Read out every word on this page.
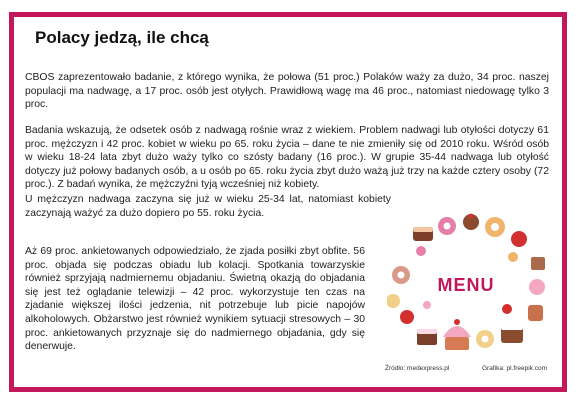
Polacy jedzą, ile chcą

CBOS zaprezentowało badanie, z którego wynika, że połowa (51 proc.) Polaków waży za dużo, 34 proc. naszej populacji ma nadwagę, a 17 proc. osób jest otyłych. Prawidłową wagę ma 46 proc., natomiast niedowagę tylko 3 proc.

Badania wskazują, że odsetek osób z nadwagą rośnie wraz z wiekiem. Problem nadwagi lub otyłości dotyczy 61 proc. mężczyzn i 42 proc. kobiet w wieku po 65. roku życia – dane te nie zmieniły się od 2010 roku. Wśród osób w wieku 18-24 lata zbyt dużo waży tylko co szósty badany (16 proc.). W grupie 35-44 nadwaga lub otyłość dotyczy już połowy badanych osób, a u osób po 65. roku życia zbyt dużo ważą już trzy na każde cztery osoby (72 proc.). Z badań wynika, że mężczyźni tyją wcześniej niż kobiety.

U mężczyzn nadwaga zaczyna się już w wieku 25-34 lat, natomiast kobiety zaczynają ważyć za dużo dopiero po 55. roku życia.

Aż 69 proc. ankietowanych odpowiedziało, że zjada posiłki zbyt obfite. 56 proc. objada się podczas obiadu lub kolacji. Spotkania towarzyskie również sprzyjają nadmiernemu objadaniu. Świetną okazją do objadania się jest też oglądanie telewizji – 42 proc. wykorzystuje ten czas na zjadanie większej ilości jedzenia, nit potrzebuje lub picie napojów alkoholowych. Obżarstwo jest również wynikiem sytuacji stresowych – 30 proc. ankietowanych przyznaje się do nadmiernego objadania, gdy się denerwuje.

MENU
Źródło: medexpress.pl	Grafika: pl.freepik.com
